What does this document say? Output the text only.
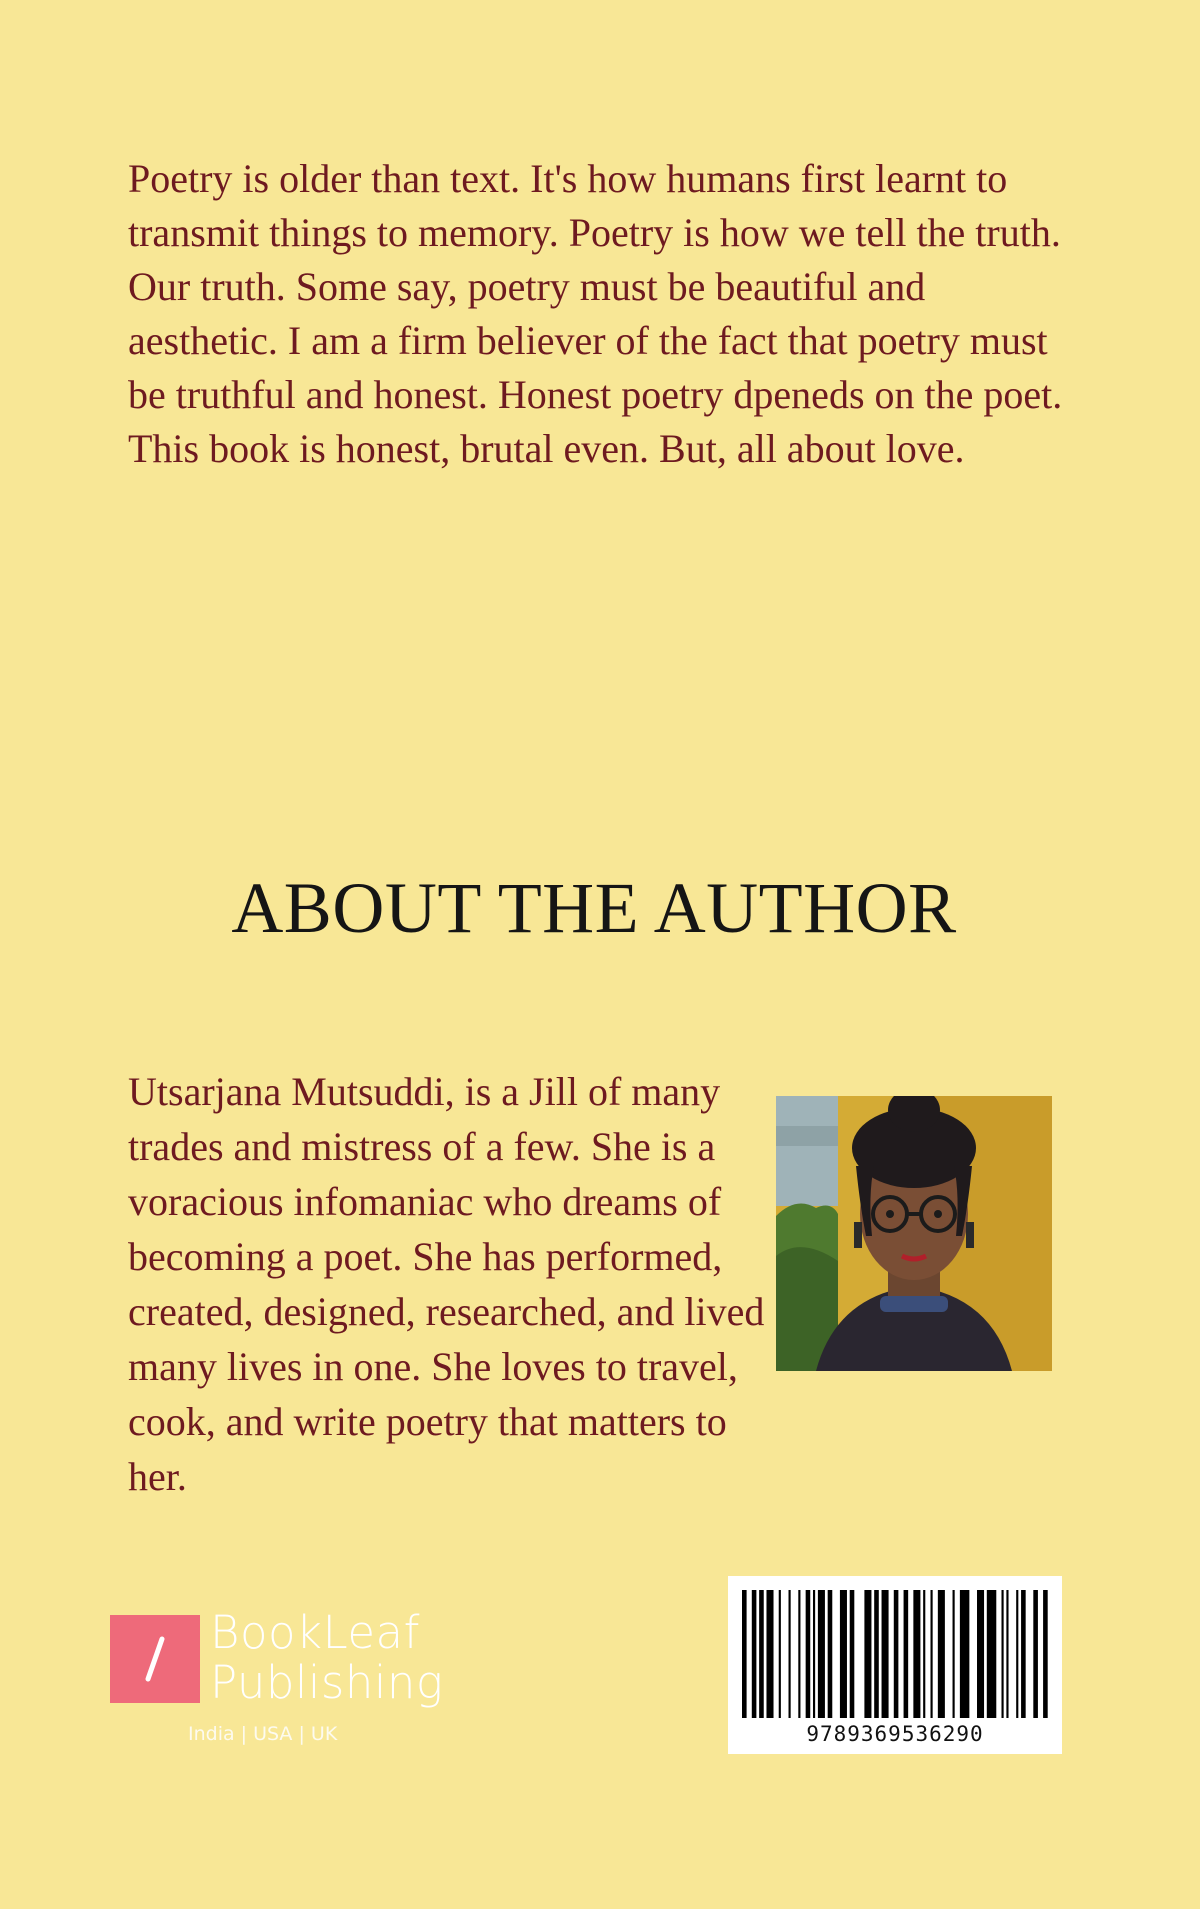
Poetry is older than text. It's how humans first learnt to transmit things to memory. Poetry is how we tell the truth. Our truth. Some say, poetry must be beautiful and aesthetic. I am a firm believer of the fact that poetry must be truthful and honest. Honest poetry dpeneds on the poet. This book is honest, brutal even. But, all about love.

ABOUT THE AUTHOR

Utsarjana Mutsuddi, is a Jill of many trades and mistress of a few. She is a voracious infomaniac who dreams of becoming a poet. She has performed, created, designed, researched, and lived many lives in one. She loves to travel, cook, and write poetry that matters to her.

BookLeaf
Publishing
India | USA | UK	9789369536290
